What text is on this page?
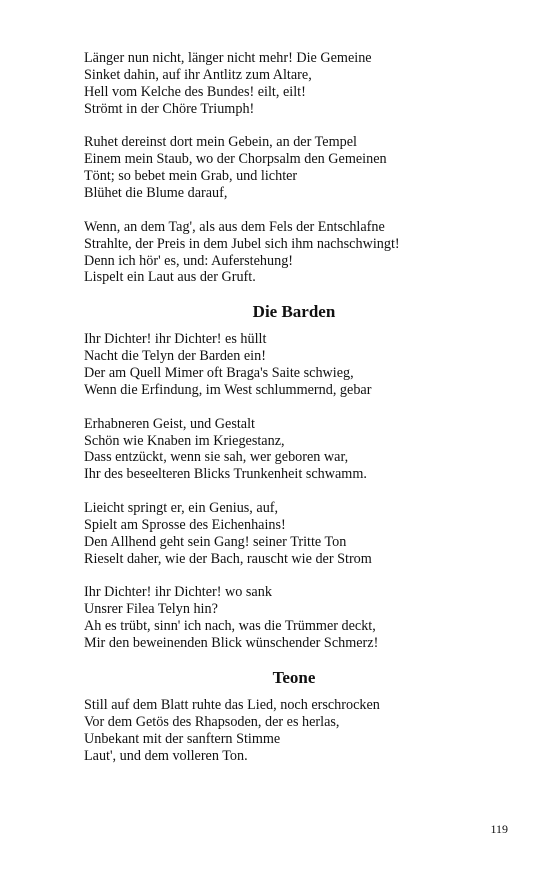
Länger nun nicht, länger nicht mehr! Die Gemeine
Sinket dahin, auf ihr Antlitz zum Altare,
Hell vom Kelche des Bundes! eilt, eilt!
Strömt in der Chöre Triumph!
Ruhet dereinst dort mein Gebein, an der Tempel
Einem mein Staub, wo der Chorpsalm den Gemeinen
Tönt; so bebet mein Grab, und lichter
Blühet die Blume darauf,
Wenn, an dem Tag', als aus dem Fels der Entschlafne
Strahlte, der Preis in dem Jubel sich ihm nachschwingt!
Denn ich hör' es, und: Auferstehung!
Lispelt ein Laut aus der Gruft.
Die Barden
Ihr Dichter! ihr Dichter! es hüllt
Nacht die Telyn der Barden ein!
Der am Quell Mimer oft Braga's Saite schwieg,
Wenn die Erfindung, im West schlummernd, gebar
Erhabneren Geist, und Gestalt
Schön wie Knaben im Kriegestanz,
Dass entzückt, wenn sie sah, wer geboren war,
Ihr des beseelteren Blicks Trunkenheit schwamm.
Lieicht springt er, ein Genius, auf,
Spielt am Sprosse des Eichenhains!
Den Allhend geht sein Gang! seiner Tritte Ton
Rieselt daher, wie der Bach, rauscht wie der Strom
Ihr Dichter! ihr Dichter! wo sank
Unsrer Filea Telyn hin?
Ah es trübt, sinn' ich nach, was die Trümmer deckt,
Mir den beweinenden Blick wünschender Schmerz!
Teone
Still auf dem Blatt ruhte das Lied, noch erschrocken
Vor dem Getös des Rhapsoden, der es herlas,
Unbekant mit der sanftern Stimme
Laut', und dem volleren Ton.
119
